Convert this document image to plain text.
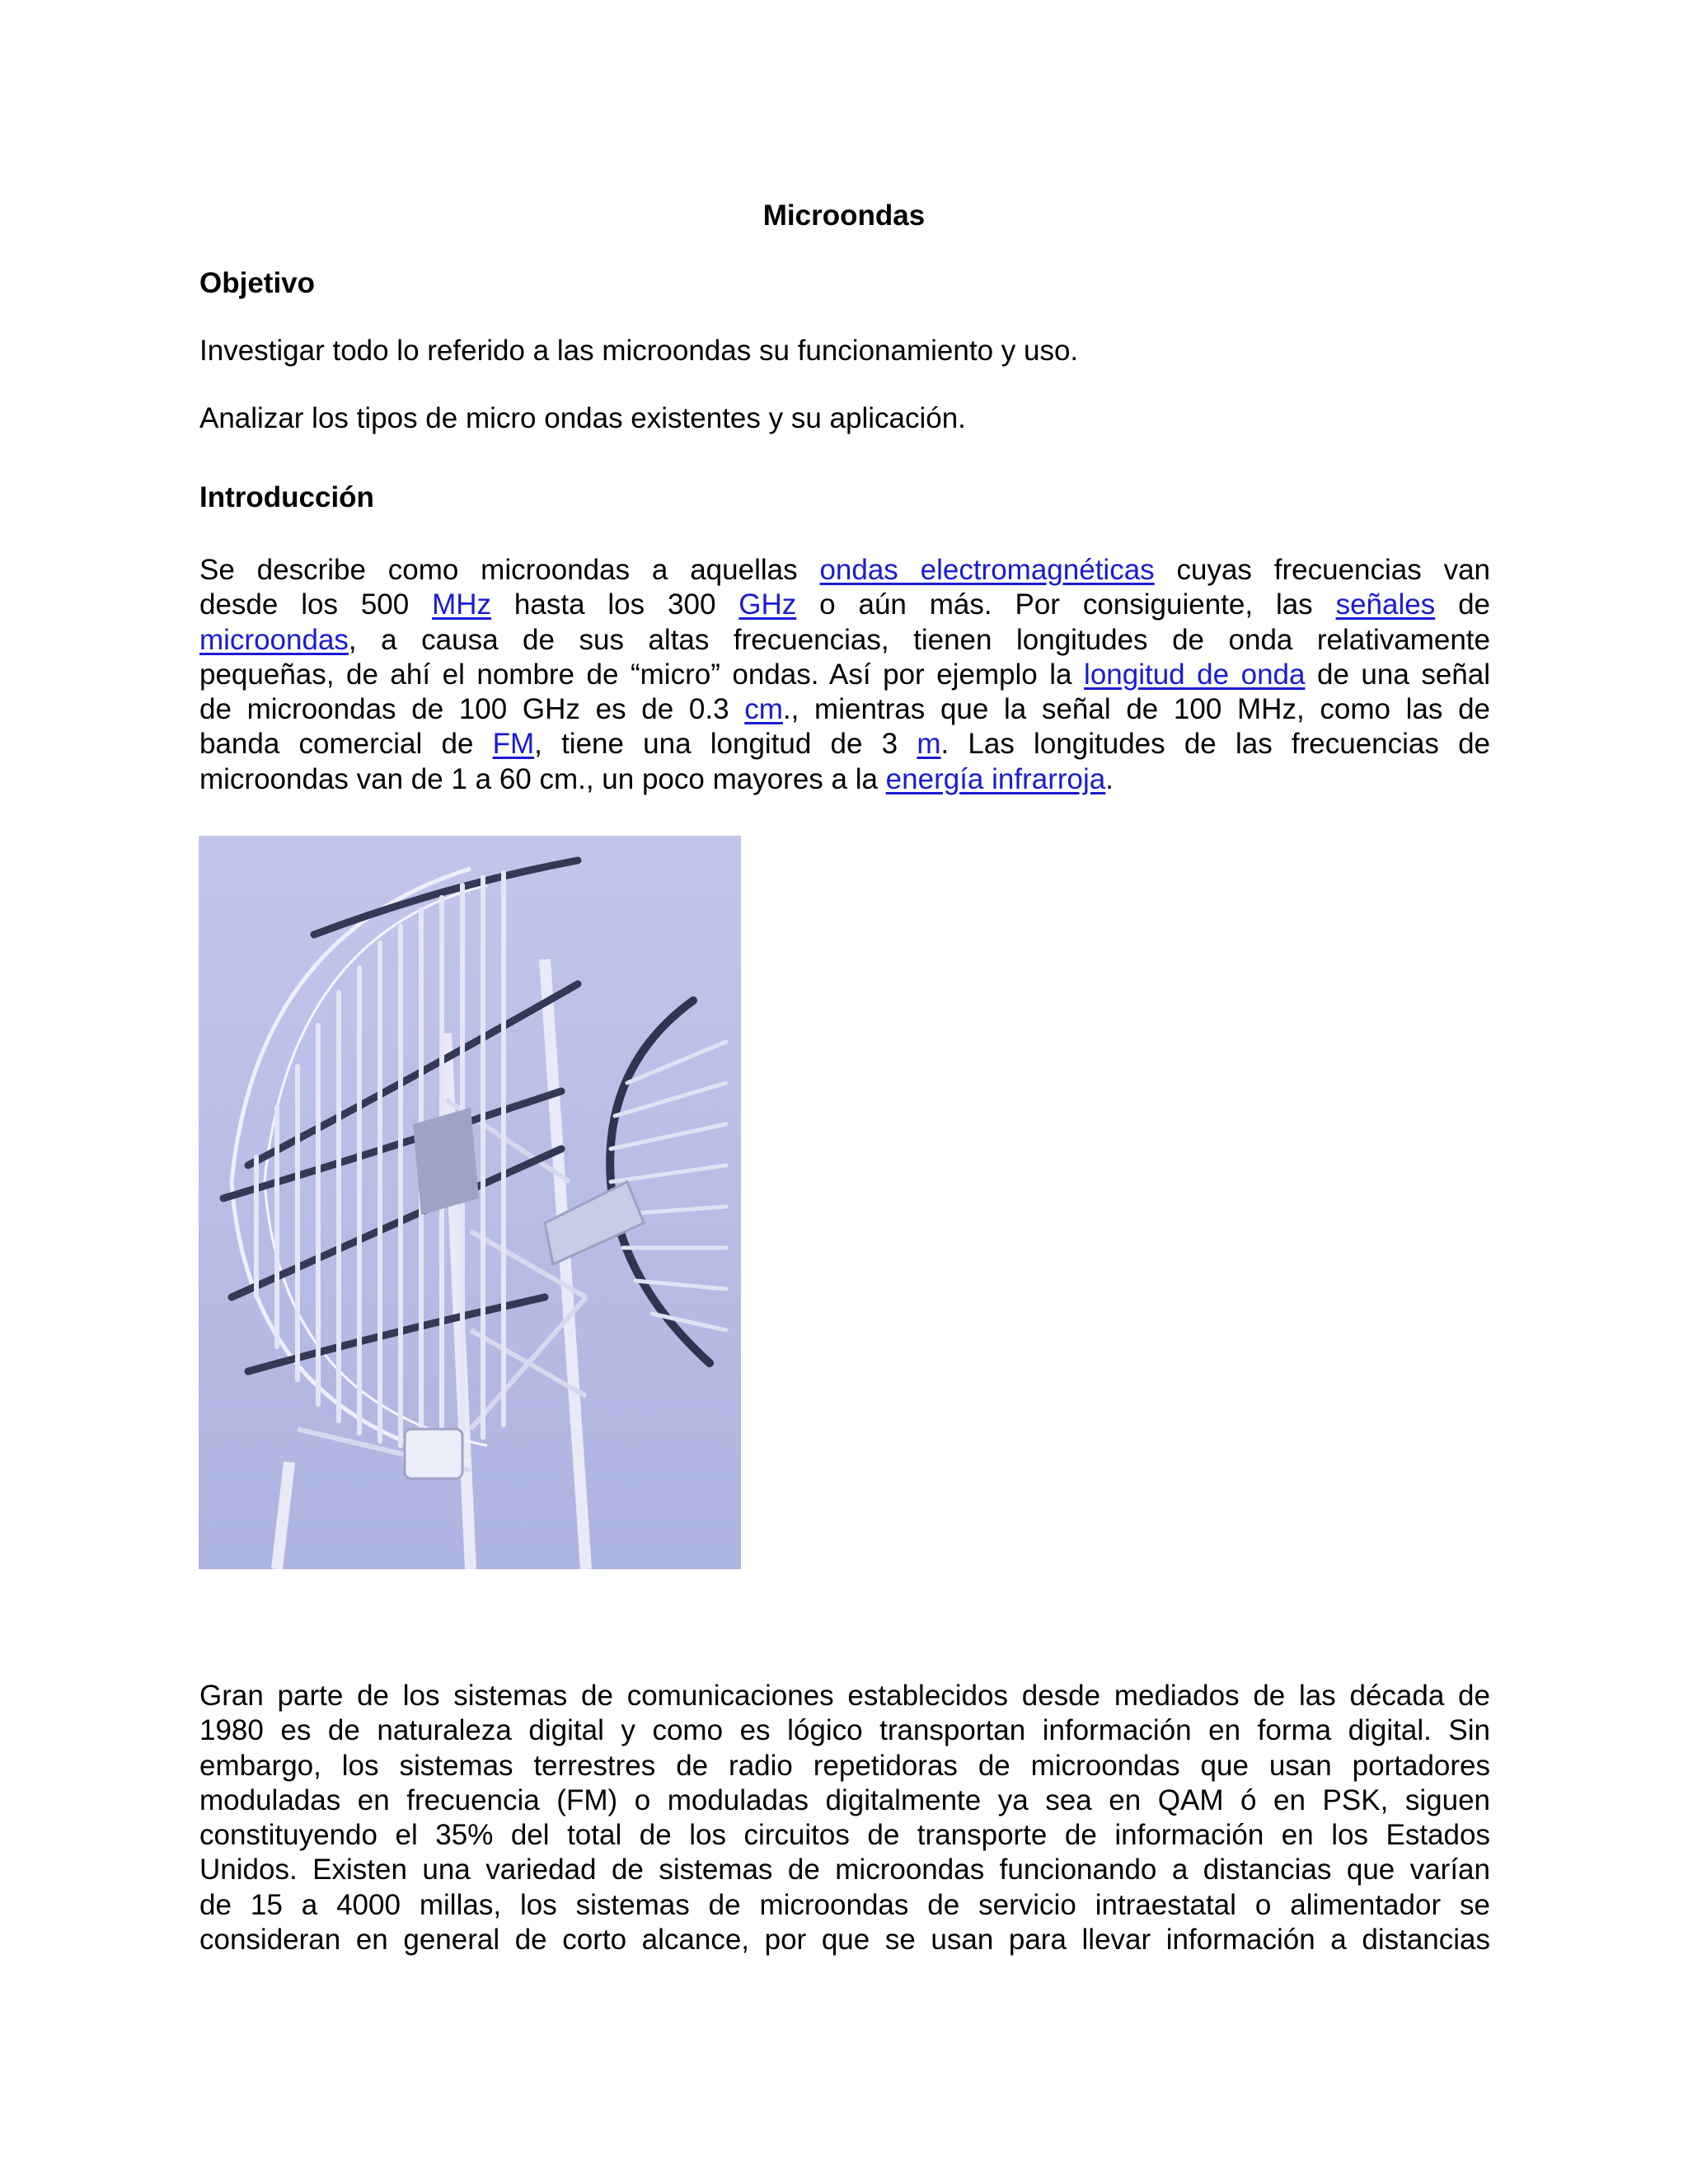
Microondas
Objetivo
Investigar todo lo referido a las microondas su funcionamiento y uso.
Analizar los tipos de micro ondas existentes y su aplicación.
Introducción
Se describe como microondas a aquellas ondas electromagnéticas cuyas frecuencias van
desde los 500 MHz hasta los 300 GHz o aún más. Por consiguiente, las señales de
microondas, a causa de sus altas frecuencias, tienen longitudes de onda relativamente
pequeñas, de ahí el nombre de “micro” ondas. Así por ejemplo la longitud de onda de una señal
de microondas de 100 GHz es de 0.3 cm., mientras que la señal de 100 MHz, como las de
banda comercial de FM, tiene una longitud de 3 m. Las longitudes de las frecuencias de
microondas van de 1 a 60 cm., un poco mayores a la energía infrarroja.
Gran parte de los sistemas de comunicaciones establecidos desde mediados de las década de
1980 es de naturaleza digital y como es lógico transportan información en forma digital. Sin
embargo, los sistemas terrestres de radio repetidoras de microondas que usan portadores
moduladas en frecuencia (FM) o moduladas digitalmente ya sea en QAM ó en PSK, siguen
constituyendo el 35% del total de los circuitos de transporte de información en los Estados
Unidos. Existen una variedad de sistemas de microondas funcionando a distancias que varían
de 15 a 4000 millas, los sistemas de microondas de servicio intraestatal o alimentador se
consideran en general de corto alcance, por que se usan para llevar información a distancias
